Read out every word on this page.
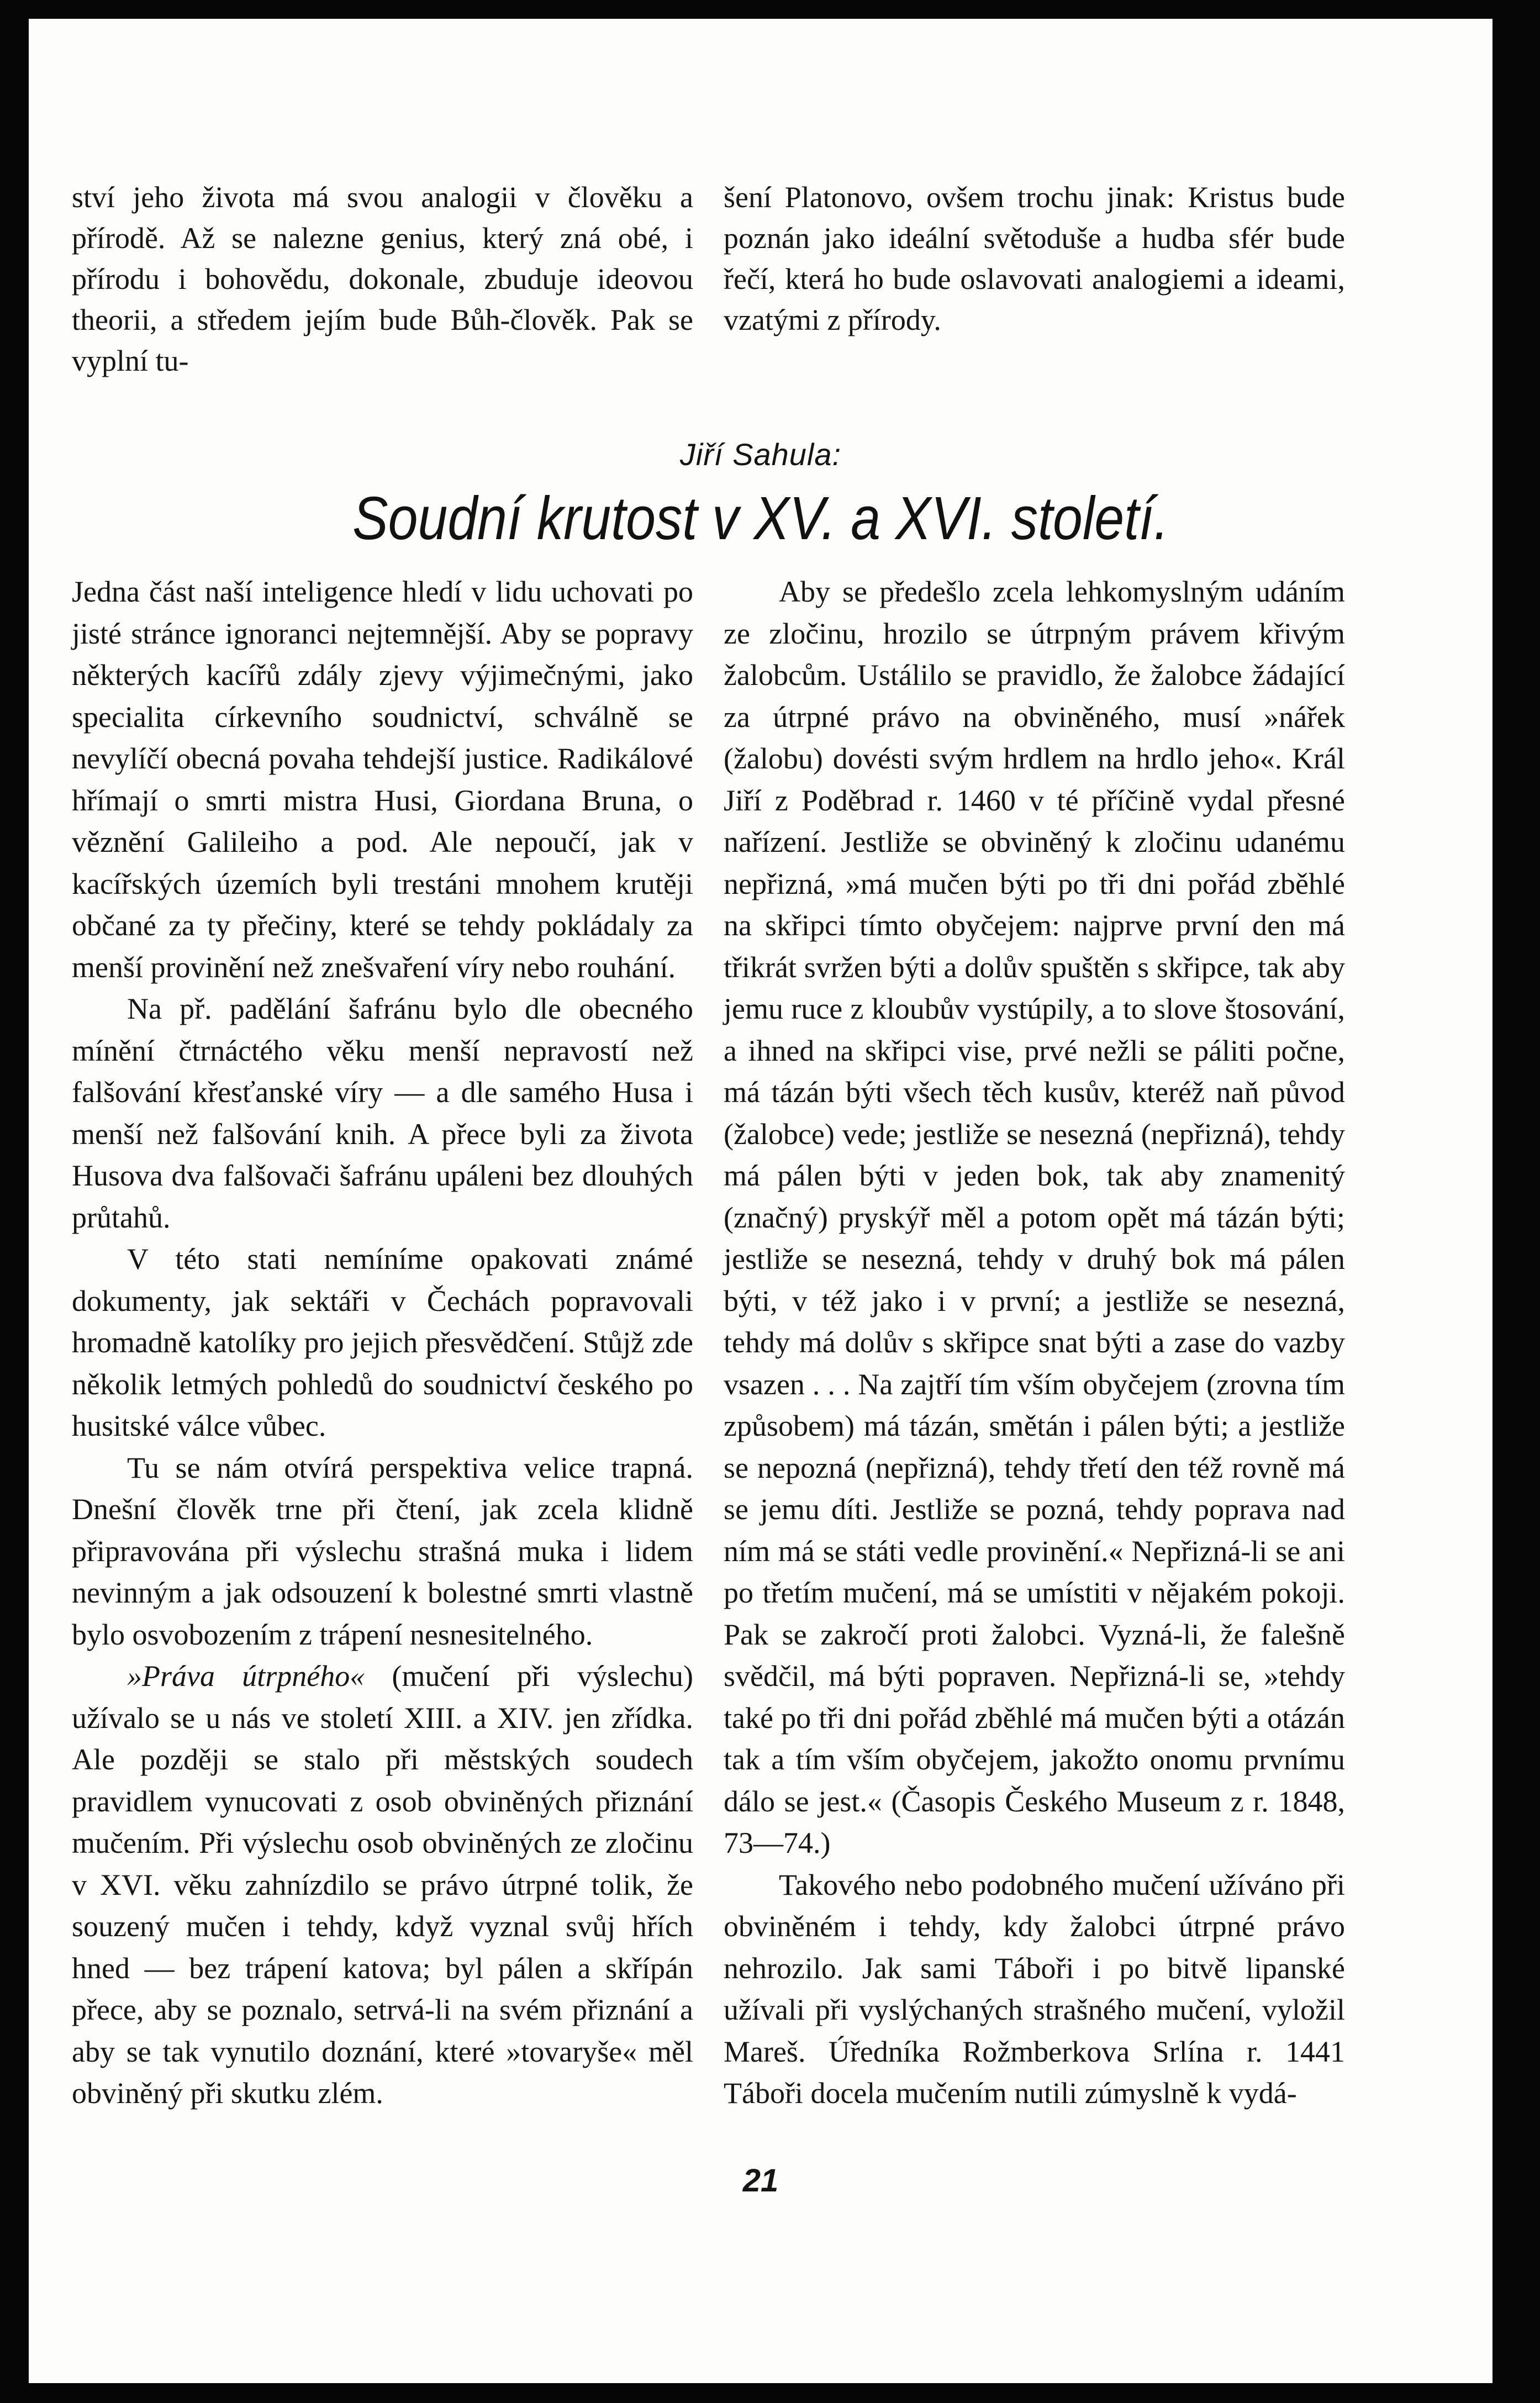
ství jeho života má svou analogii v člověku a přírodě. Až se nalezne genius, který zná obé, i přírodu i bohovědu, dokonale, zbuduje ideovou theorii, a středem jejím bude Bůh-člověk. Pak se vyplní tu-

šení Platonovo, ovšem trochu jinak: Kristus bude poznán jako ideální světoduše a hudba sfér bude řečí, která ho bude oslavovati analogiemi a ideami, vzatými z přírody.

Jiří Sahula:
Soudní krutost v XV. a XVI. století.

Jedna část naší inteligence hledí v lidu uchovati po jisté stránce ignoranci nejtemnější. Aby se popravy některých kacířů zdály zjevy výjimečnými, jako specialita církevního soudnictví, schválně se nevylíčí obecná povaha tehdejší justice. Radikálové hřímají o smrti mistra Husi, Giordana Bruna, o věznění Galileiho a pod. Ale nepoučí, jak v kacířských územích byli trestáni mnohem krutěji občané za ty přečiny, které se tehdy pokládaly za menší provinění než znešvaření víry nebo rouhání.

Na př. padělání šafránu bylo dle obecného mínění čtrnáctého věku menší nepravostí než falšování křesťanské víry — a dle samého Husa i menší než falšování knih. A přece byli za života Husova dva falšovači šafránu upáleni bez dlouhých průtahů.

V této stati nemíníme opakovati známé dokumenty, jak sektáři v Čechách popravovali hromadně katolíky pro jejich přesvědčení. Stůjž zde několik letmých pohledů do soudnictví českého po husitské válce vůbec.

Tu se nám otvírá perspektiva velice trapná. Dnešní člověk trne při čtení, jak zcela klidně připravována při výslechu strašná muka i lidem nevinným a jak odsouzení k bolestné smrti vlastně bylo osvobozením z trápení nesnesitelného.

»Práva útrpného« (mučení při výslechu) užívalo se u nás ve století XIII. a XIV. jen zřídka. Ale později se stalo při městských soudech pravidlem vynucovati z osob obviněných přiznání mučením. Při výslechu osob obviněných ze zločinu v XVI. věku zahnízdilo se právo útrpné tolik, že souzený mučen i tehdy, když vyznal svůj hřích hned — bez trápení katova; byl pálen a skřípán přece, aby se poznalo, setrvá-li na svém přiznání a aby se tak vynutilo doznání, které »tovaryše« měl obviněný při skutku zlém.

Aby se předešlo zcela lehkomyslným udáním ze zločinu, hrozilo se útrpným právem křivým žalobcům. Ustálilo se pravidlo, že žalobce žádající za útrpné právo na obviněného, musí »nářek (žalobu) dovésti svým hrdlem na hrdlo jeho«. Král Jiří z Poděbrad r. 1460 v té příčině vydal přesné nařízení. Jestliže se obviněný k zločinu udanému nepřizná, »má mučen býti po tři dni pořád zběhlé na skřipci tímto obyčejem: najprve první den má třikrát svržen býti a dolův spuštěn s skřipce, tak aby jemu ruce z kloubův vystúpily, a to slove štosování, a ihned na skřipci vise, prvé nežli se páliti počne, má tázán býti všech těch kusův, kteréž naň původ (žalobce) vede; jestliže se nesezná (nepřizná), tehdy má pálen býti v jeden bok, tak aby znamenitý (značný) pryskýř měl a potom opět má tázán býti; jestliže se nesezná, tehdy v druhý bok má pálen býti, v též jako i v první; a jestliže se nesezná, tehdy má dolův s skřipce snat býti a zase do vazby vsazen . . . Na zajtří tím vším obyčejem (zrovna tím způsobem) má tázán, smětán i pálen býti; a jestliže se nepozná (nepřizná), tehdy třetí den též rovně má se jemu díti. Jestliže se pozná, tehdy poprava nad ním má se státi vedle provinění.« Nepřizná-li se ani po třetím mučení, má se umístiti v nějakém pokoji. Pak se zakročí proti žalobci. Vyzná-li, že falešně svědčil, má býti popraven. Nepřizná-li se, »tehdy také po tři dni pořád zběhlé má mučen býti a otázán tak a tím vším obyčejem, jakožto onomu prvnímu dálo se jest.« (Časopis Českého Museum z r. 1848, 73—74.)

Takového nebo podobného mučení užíváno při obviněném i tehdy, kdy žalobci útrpné právo nehrozilo. Jak sami Táboři i po bitvě lipanské užívali při vyslýchaných strašného mučení, vyložil Mareš. Úředníka Rožmberkova Srlína r. 1441 Táboři docela mučením nutili zúmyslně k vydá-

21
